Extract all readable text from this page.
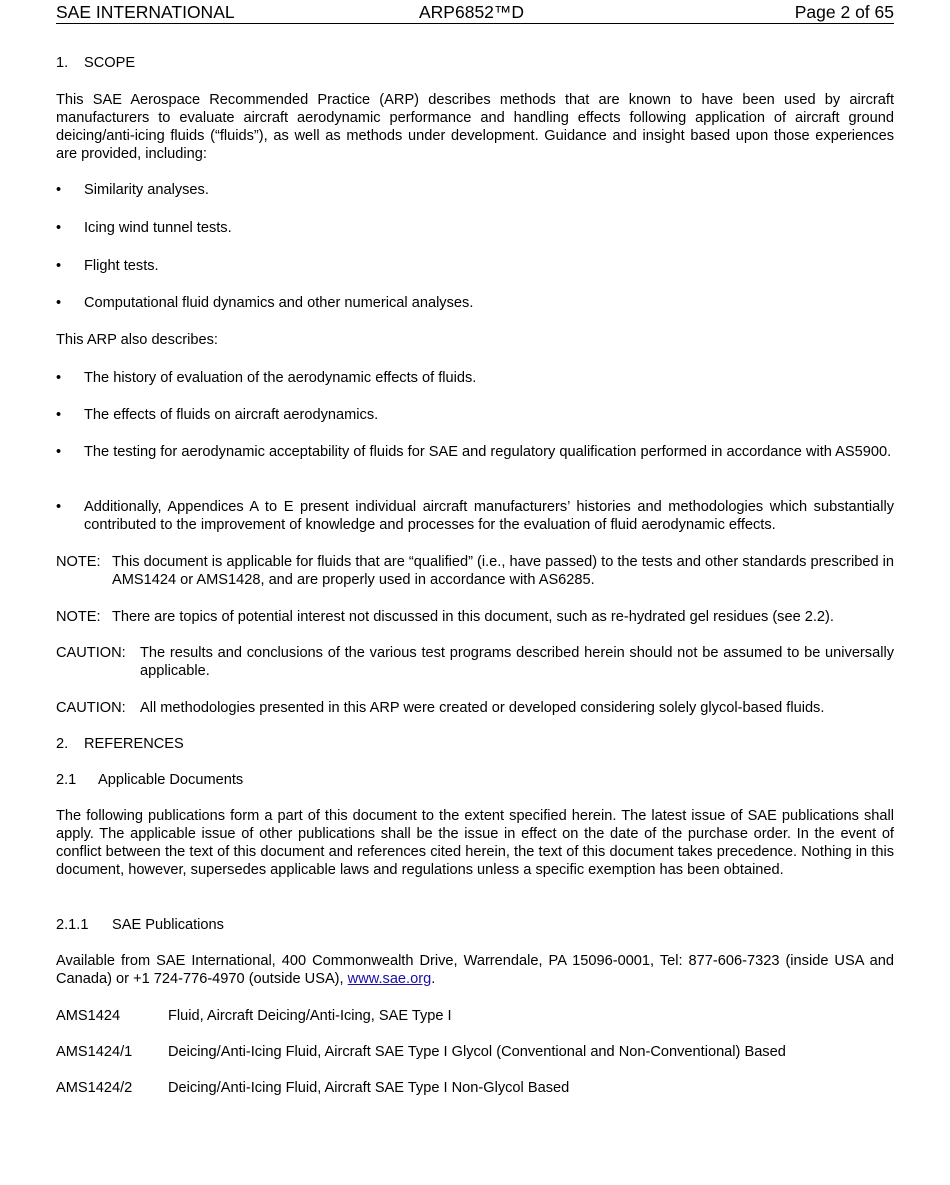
SAE INTERNATIONAL	ARP6852™D	Page 2 of 65
1. SCOPE

This SAE Aerospace Recommended Practice (ARP) describes methods that are known to have been used by aircraft manufacturers to evaluate aircraft aerodynamic performance and handling effects following application of aircraft ground deicing/anti-icing fluids (“fluids”), as well as methods under development. Guidance and insight based upon those experiences are provided, including:

•	Similarity analyses.
•	Icing wind tunnel tests.
•	Flight tests.
•	Computational fluid dynamics and other numerical analyses.

This ARP also describes:

•	The history of evaluation of the aerodynamic effects of fluids.
•	The effects of fluids on aircraft aerodynamics.
•	The testing for aerodynamic acceptability of fluids for SAE and regulatory qualification performed in accordance with AS5900.
•	Additionally, Appendices A to E present individual aircraft manufacturers’ histories and methodologies which substantially contributed to the improvement of knowledge and processes for the evaluation of fluid aerodynamic effects.
NOTE: This document is applicable for fluids that are “qualified” (i.e., have passed) to the tests and other standards prescribed in AMS1424 or AMS1428, and are properly used in accordance with AS6285.
NOTE: There are topics of potential interest not discussed in this document, such as re-hydrated gel residues (see 2.2).
CAUTION: The results and conclusions of the various test programs described herein should not be assumed to be universally applicable.
CAUTION: All methodologies presented in this ARP were created or developed considering solely glycol-based fluids.
2. REFERENCES
2.1 Applicable Documents

The following publications form a part of this document to the extent specified herein. The latest issue of SAE publications shall apply. The applicable issue of other publications shall be the issue in effect on the date of the purchase order. In the event of conflict between the text of this document and references cited herein, the text of this document takes precedence. Nothing in this document, however, supersedes applicable laws and regulations unless a specific exemption has been obtained.

2.1.1 SAE Publications

Available from SAE International, 400 Commonwealth Drive, Warrendale, PA 15096-0001, Tel: 877-606-7323 (inside USA and Canada) or +1 724-776-4970 (outside USA), www.sae.org.

AMS1424	Fluid, Aircraft Deicing/Anti-Icing, SAE Type I
AMS1424/1 Deicing/Anti-Icing Fluid, Aircraft SAE Type I Glycol (Conventional and Non-Conventional) Based
AMS1424/2 Deicing/Anti-Icing Fluid, Aircraft SAE Type I Non-Glycol Based
